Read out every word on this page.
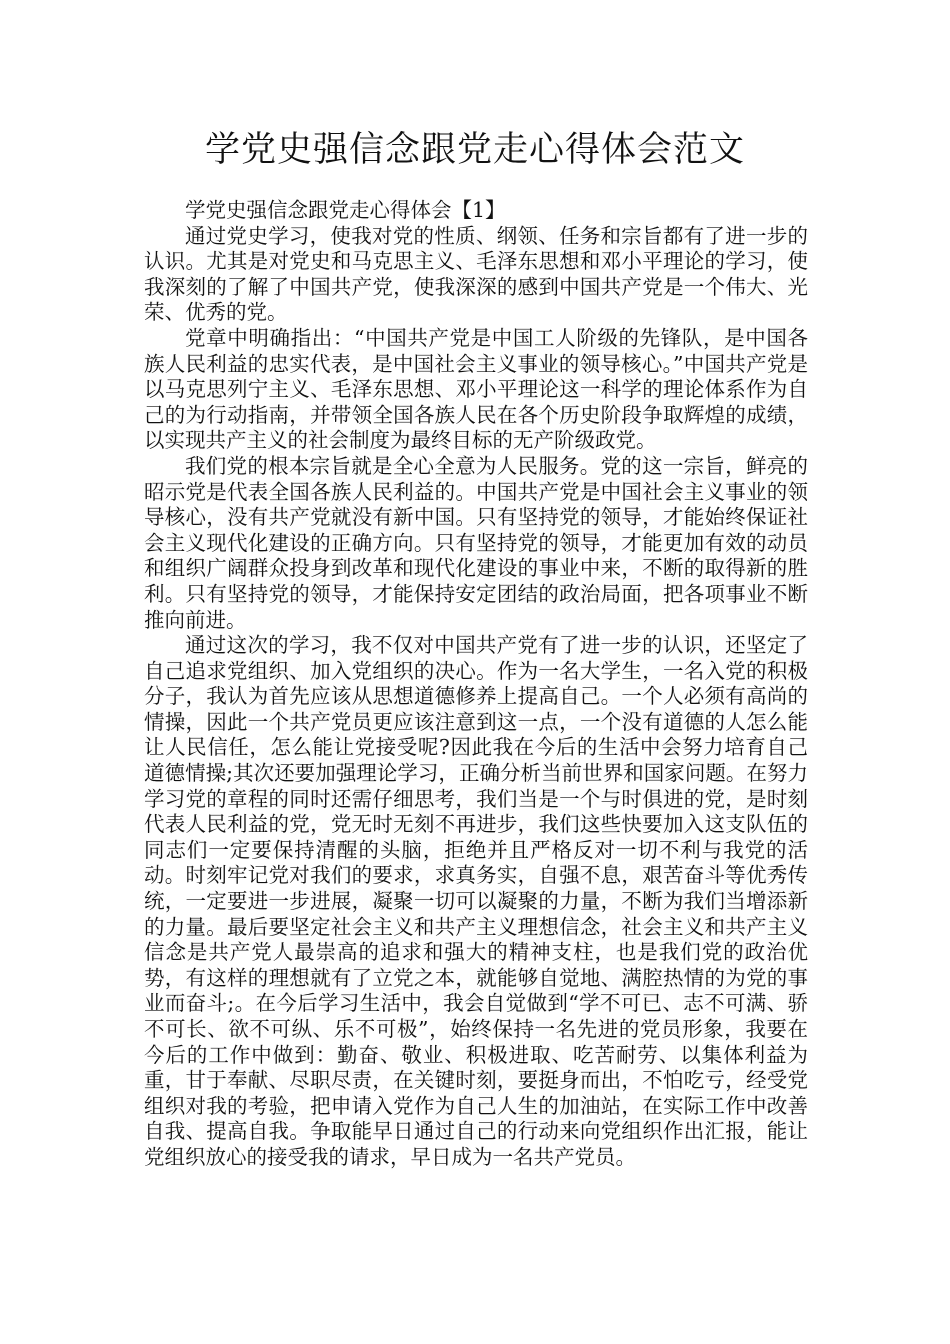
学党史强信念跟党走心得体会范文
学党史强信念跟党走心得体会【1】

通过党史学习，使我对党的性质、纲领、任务和宗旨都有了进一步的认识。尤其是对党史和马克思主义、毛泽东思想和邓小平理论的学习，使我深刻的了解了中国共产党，使我深深的感到中国共产党是一个伟大、光荣、优秀的党。

党章中明确指出：“中国共产党是中国工人阶级的先锋队，是中国各族人民利益的忠实代表，是中国社会主义事业的领导核心。”中国共产党是以马克思列宁主义、毛泽东思想、邓小平理论这一科学的理论体系作为自己的为行动指南，并带领全国各族人民在各个历史阶段争取辉煌的成绩，以实现共产主义的社会制度为最终目标的无产阶级政党。

我们党的根本宗旨就是全心全意为人民服务。党的这一宗旨，鲜亮的昭示党是代表全国各族人民利益的。中国共产党是中国社会主义事业的领导核心，没有共产党就没有新中国。只有坚持党的领导，才能始终保证社会主义现代化建设的正确方向。只有坚持党的领导，才能更加有效的动员和组织广阔群众投身到改革和现代化建设的事业中来，不断的取得新的胜利。只有坚持党的领导，才能保持安定团结的政治局面，把各项事业不断推向前进。

通过这次的学习，我不仅对中国共产党有了进一步的认识，还坚定了自己追求党组织、加入党组织的决心。作为一名大学生，一名入党的积极分子，我认为首先应该从思想道德修养上提高自己。一个人必须有高尚的情操，因此一个共产党员更应该注意到这一点，一个没有道德的人怎么能让人民信任，怎么能让党接受呢?因此我在今后的生活中会努力培育自己道德情操;其次还要加强理论学习，正确分析当前世界和国家问题。在努力学习党的章程的同时还需仔细思考，我们当是一个与时俱进的党，是时刻代表人民利益的党，党无时无刻不再进步，我们这些快要加入这支队伍的同志们一定要保持清醒的头脑，拒绝并且严格反对一切不利与我党的活动。时刻牢记党对我们的要求，求真务实，自强不息，艰苦奋斗等优秀传统，一定要进一步进展，凝聚一切可以凝聚的力量，不断为我们当增添新的力量。最后要坚定社会主义和共产主义理想信念，社会主义和共产主义信念是共产党人最崇高的追求和强大的精神支柱，也是我们党的政治优势，有这样的理想就有了立党之本，就能够自觉地、满腔热情的为党的事业而奋斗;。在今后学习生活中，我会自觉做到“学不可已、志不可满、骄不可长、欲不可纵、乐不可极”，始终保持一名先进的党员形象，我要在今后的工作中做到：勤奋、敬业、积极进取、吃苦耐劳、以集体利益为重，甘于奉献、尽职尽责，在关键时刻，要挺身而出，不怕吃亏，经受党组织对我的考验，把申请入党作为自己人生的加油站，在实际工作中改善自我、提高自我。争取能早日通过自己的行动来向党组织作出汇报，能让党组织放心的接受我的请求，早日成为一名共产党员。
